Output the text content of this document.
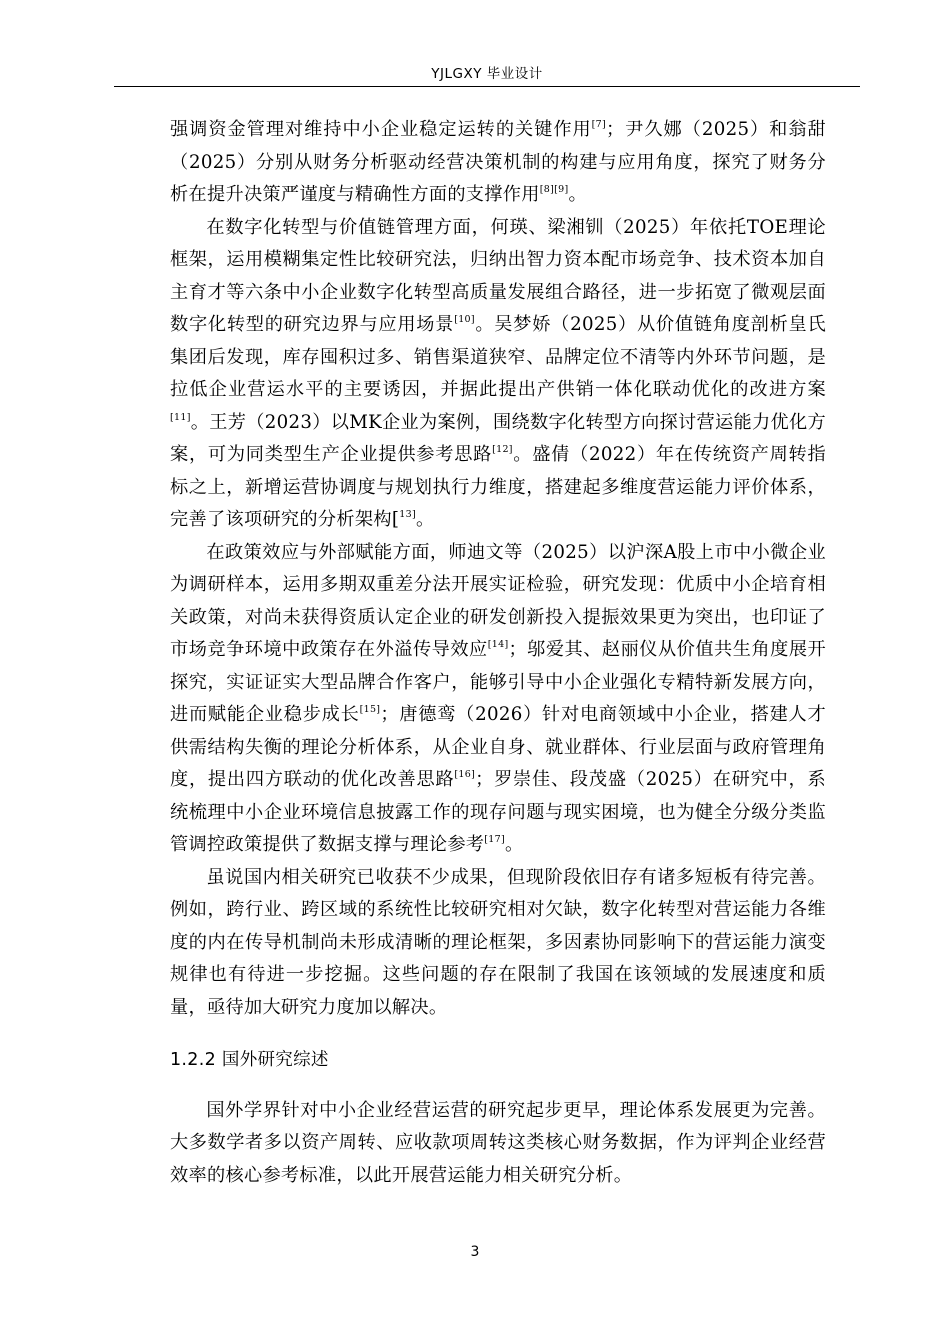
YJLGXY 毕业设计

强调资金管理对维持中小企业稳定运转的关键作用[7]；尹久娜（2025）和翁甜（2025）分别从财务分析驱动经营决策机制的构建与应用角度，探究了财务分析在提升决策严谨度与精确性方面的支撑作用[8][9]。

在数字化转型与价值链管理方面，何瑛、梁湘钏（2025）年依托TOE理论框架，运用模糊集定性比较研究法，归纳出智力资本配市场竞争、技术资本加自主育才等六条中小企业数字化转型高质量发展组合路径，进一步拓宽了微观层面数字化转型的研究边界与应用场景[10]。吴梦娇（2025）从价值链角度剖析皇氏集团后发现，库存囤积过多、销售渠道狭窄、品牌定位不清等内外环节问题，是拉低企业营运水平的主要诱因，并据此提出产供销一体化联动优化的改进方案[11]。王芳（2023）以MK企业为案例，围绕数字化转型方向探讨营运能力优化方案，可为同类型生产企业提供参考思路[12]。盛倩（2022）年在传统资产周转指标之上，新增运营协调度与规划执行力维度，搭建起多维度营运能力评价体系，完善了该项研究的分析架构[$^{13]}$。

在政策效应与外部赋能方面，师迪文等（2025）以沪深A股上市中小微企业为调研样本，运用多期双重差分法开展实证检验，研究发现：优质中小企培育相关政策，对尚未获得资质认定企业的研发创新投入提振效果更为突出，也印证了市场竞争环境中政策存在外溢传导效应[14]；邬爱其、赵丽仪从价值共生角度展开探究，实证证实大型品牌合作客户，能够引导中小企业强化专精特新发展方向，进而赋能企业稳步成长[15]；唐德鸾（2026）针对电商领域中小企业，搭建人才供需结构失衡的理论分析体系，从企业自身、就业群体、行业层面与政府管理角度，提出四方联动的优化改善思路[16]；罗崇佳、段茂盛（2025）在研究中，系统梳理中小企业环境信息披露工作的现存问题与现实困境，也为健全分级分类监管调控政策提供了数据支撑与理论参考[17]。

虽说国内相关研究已收获不少成果，但现阶段依旧存有诸多短板有待完善。例如，跨行业、跨区域的系统性比较研究相对欠缺，数字化转型对营运能力各维度的内在传导机制尚未形成清晰的理论框架，多因素协同影响下的营运能力演变规律也有待进一步挖掘。这些问题的存在限制了我国在该领域的发展速度和质量，亟待加大研究力度加以解决。

1.2.2 国外研究综述

国外学界针对中小企业经营运营的研究起步更早，理论体系发展更为完善。大多数学者多以资产周转、应收款项周转这类核心财务数据，作为评判企业经营效率的核心参考标准，以此开展营运能力相关研究分析。

3
